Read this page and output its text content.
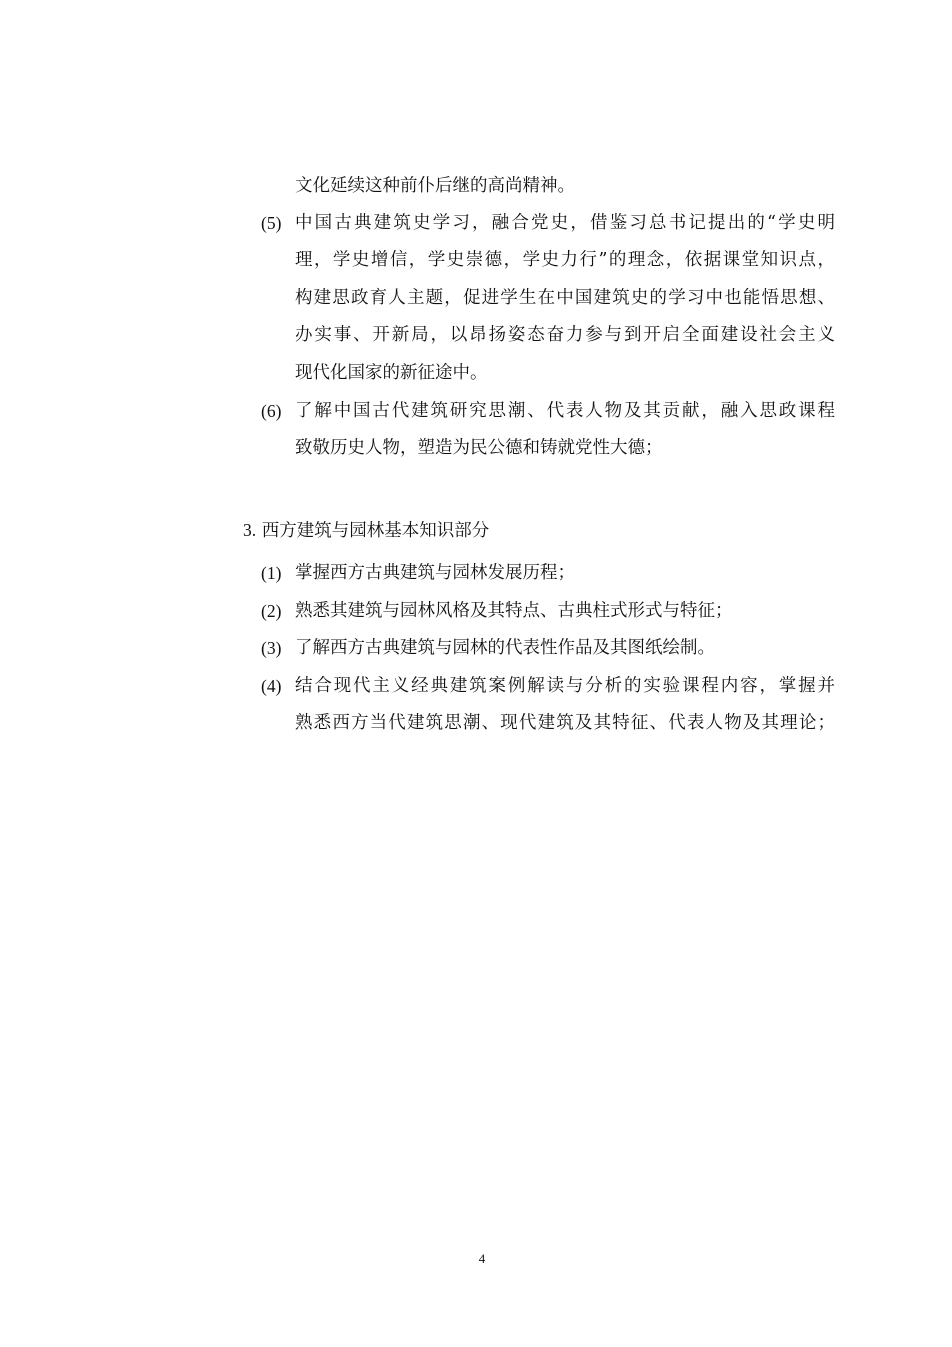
文化延续这种前仆后继的高尚精神。
(5) 中国古典建筑史学习，融合党史，借鉴习总书记提出的“学史明
理，学史增信，学史崇德，学史力行”的理念，依据课堂知识点，
构建思政育人主题，促进学生在中国建筑史的学习中也能悟思想、
办实事、开新局，以昂扬姿态奋力参与到开启全面建设社会主义
现代化国家的新征途中。
(6) 了解中国古代建筑研究思潮、代表人物及其贡献，融入思政课程
致敬历史人物，塑造为民公德和铸就党性大德；
3. 西方建筑与园林基本知识部分
(1) 掌握西方古典建筑与园林发展历程；
(2) 熟悉其建筑与园林风格及其特点、古典柱式形式与特征；
(3) 了解西方古典建筑与园林的代表性作品及其图纸绘制。
(4) 结合现代主义经典建筑案例解读与分析的实验课程内容，掌握并
熟悉西方当代建筑思潮、现代建筑及其特征、代表人物及其理论；
4
